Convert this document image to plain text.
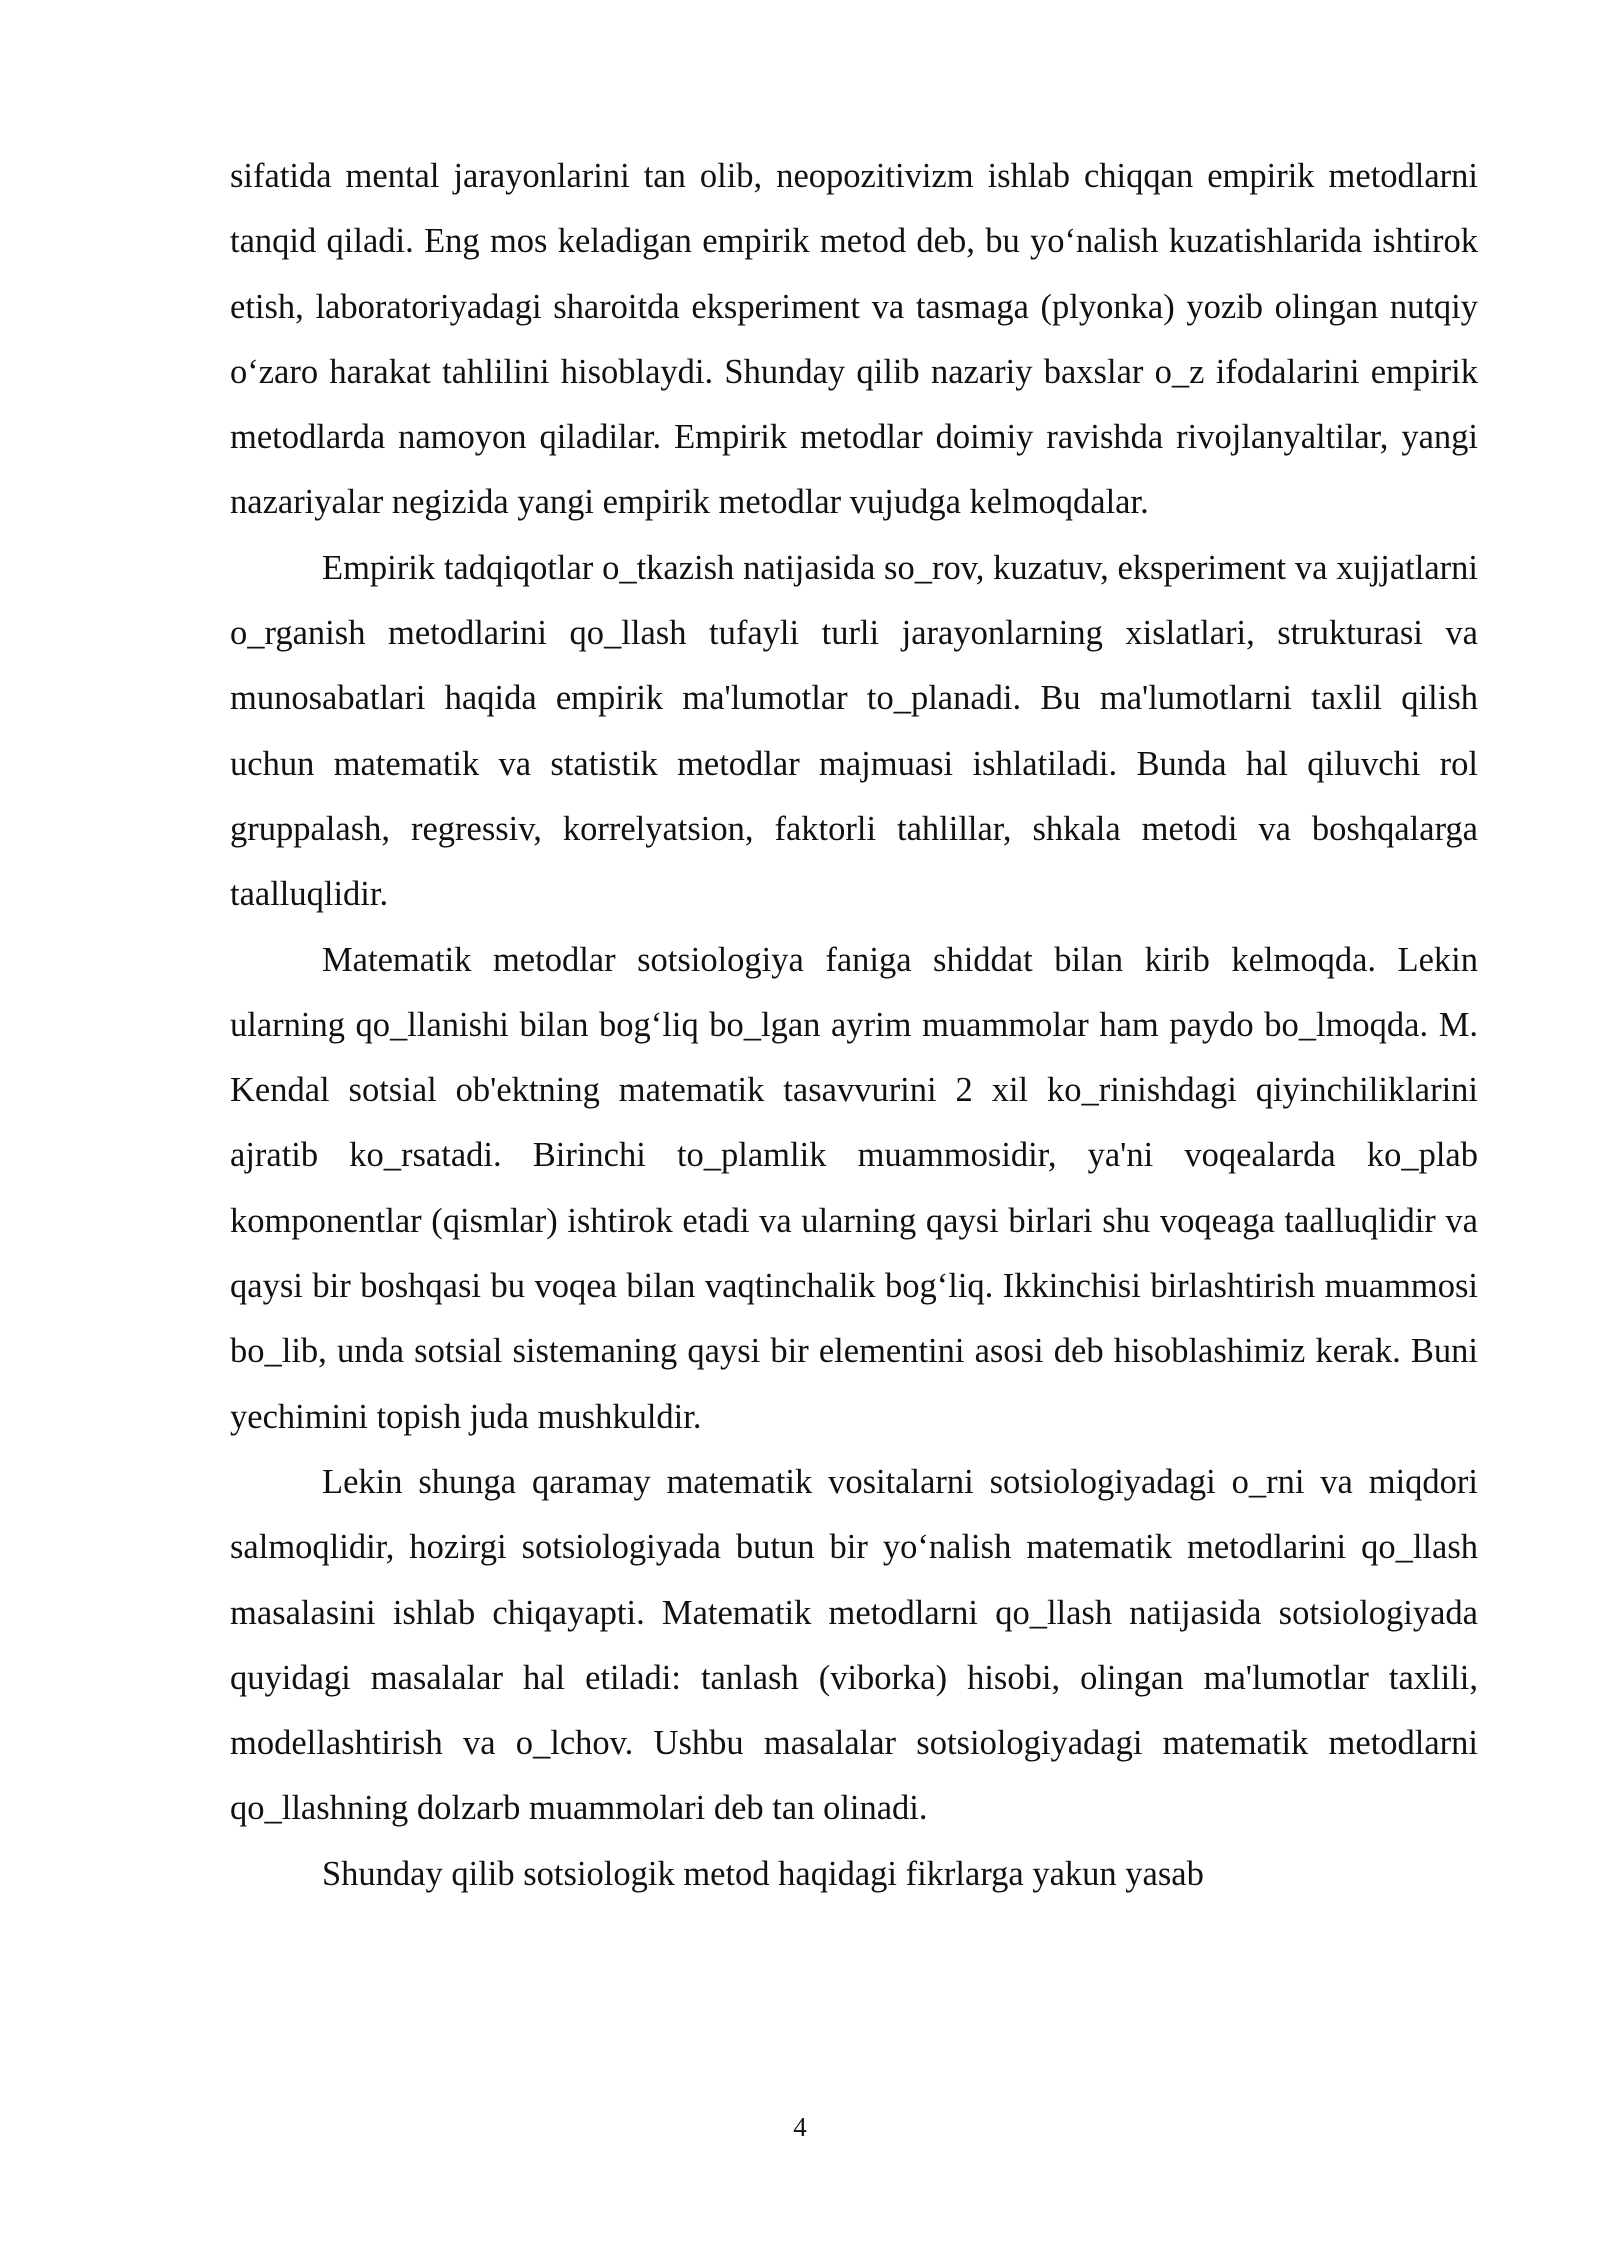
sifatida mental jarayonlarini tan olib, neopozitivizm ishlab chiqqan empirik metodlarni tanqid qiladi. Eng mos keladigan empirik metod deb, bu yo‘nalish kuzatishlarida ishtirok etish, laboratoriyadagi sharoitda eksperiment va tasmaga (plyonka) yozib olingan nutqiy o‘zaro harakat tahlilini hisoblaydi. Shunday qilib nazariy baxslar o_z ifodalarini empirik metodlarda namoyon qiladilar. Empirik metodlar doimiy ravishda rivojlanyaltilar, yangi nazariyalar negizida yangi empirik metodlar vujudga kelmoqdalar.

Empirik tadqiqotlar o_tkazish natijasida so_rov, kuzatuv, eksperiment va xujjatlarni o_rganish metodlarini qo_llash tufayli turli jarayonlarning xislatlari, strukturasi va munosabatlari haqida empirik ma'lumotlar to_planadi. Bu ma'lumotlarni taxlil qilish uchun matematik va statistik metodlar majmuasi ishlatiladi. Bunda hal qiluvchi rol gruppalash, regressiv, korrelyatsion, faktorli tahlillar, shkala metodi va boshqalarga taalluqlidir.

Matematik metodlar sotsiologiya faniga shiddat bilan kirib kelmoqda. Lekin ularning qo_llanishi bilan bog‘liq bo_lgan ayrim muammolar ham paydo bo_lmoqda. M. Kendal sotsial ob'ektning matematik tasavvurini 2 xil ko_rinishdagi qiyinchiliklarini ajratib ko_rsatadi. Birinchi to_plamlik muammosidir, ya'ni voqealarda ko_plab komponentlar (qismlar) ishtirok etadi va ularning qaysi birlari shu voqeaga taalluqlidir va qaysi bir boshqasi bu voqea bilan vaqtinchalik bog‘liq. Ikkinchisi birlashtirish muammosi bo_lib, unda sotsial sistemaning qaysi bir elementini asosi deb hisoblashimiz kerak. Buni yechimini topish juda mushkuldir.

Lekin shunga qaramay matematik vositalarni sotsiologiyadagi o_rni va miqdori salmoqlidir, hozirgi sotsiologiyada butun bir yo‘nalish matematik metodlarini qo_llash masalasini ishlab chiqayapti. Matematik metodlarni qo_llash natijasida sotsiologiyada quyidagi masalalar hal etiladi: tanlash (viborka) hisobi, olingan ma'lumotlar taxlili, modellashtirish va o_lchov. Ushbu masalalar sotsiologiyadagi matematik metodlarni qo_llashning dolzarb muammolari deb tan olinadi.

Shunday qilib sotsiologik metod haqidagi fikrlarga yakun yasab

4
